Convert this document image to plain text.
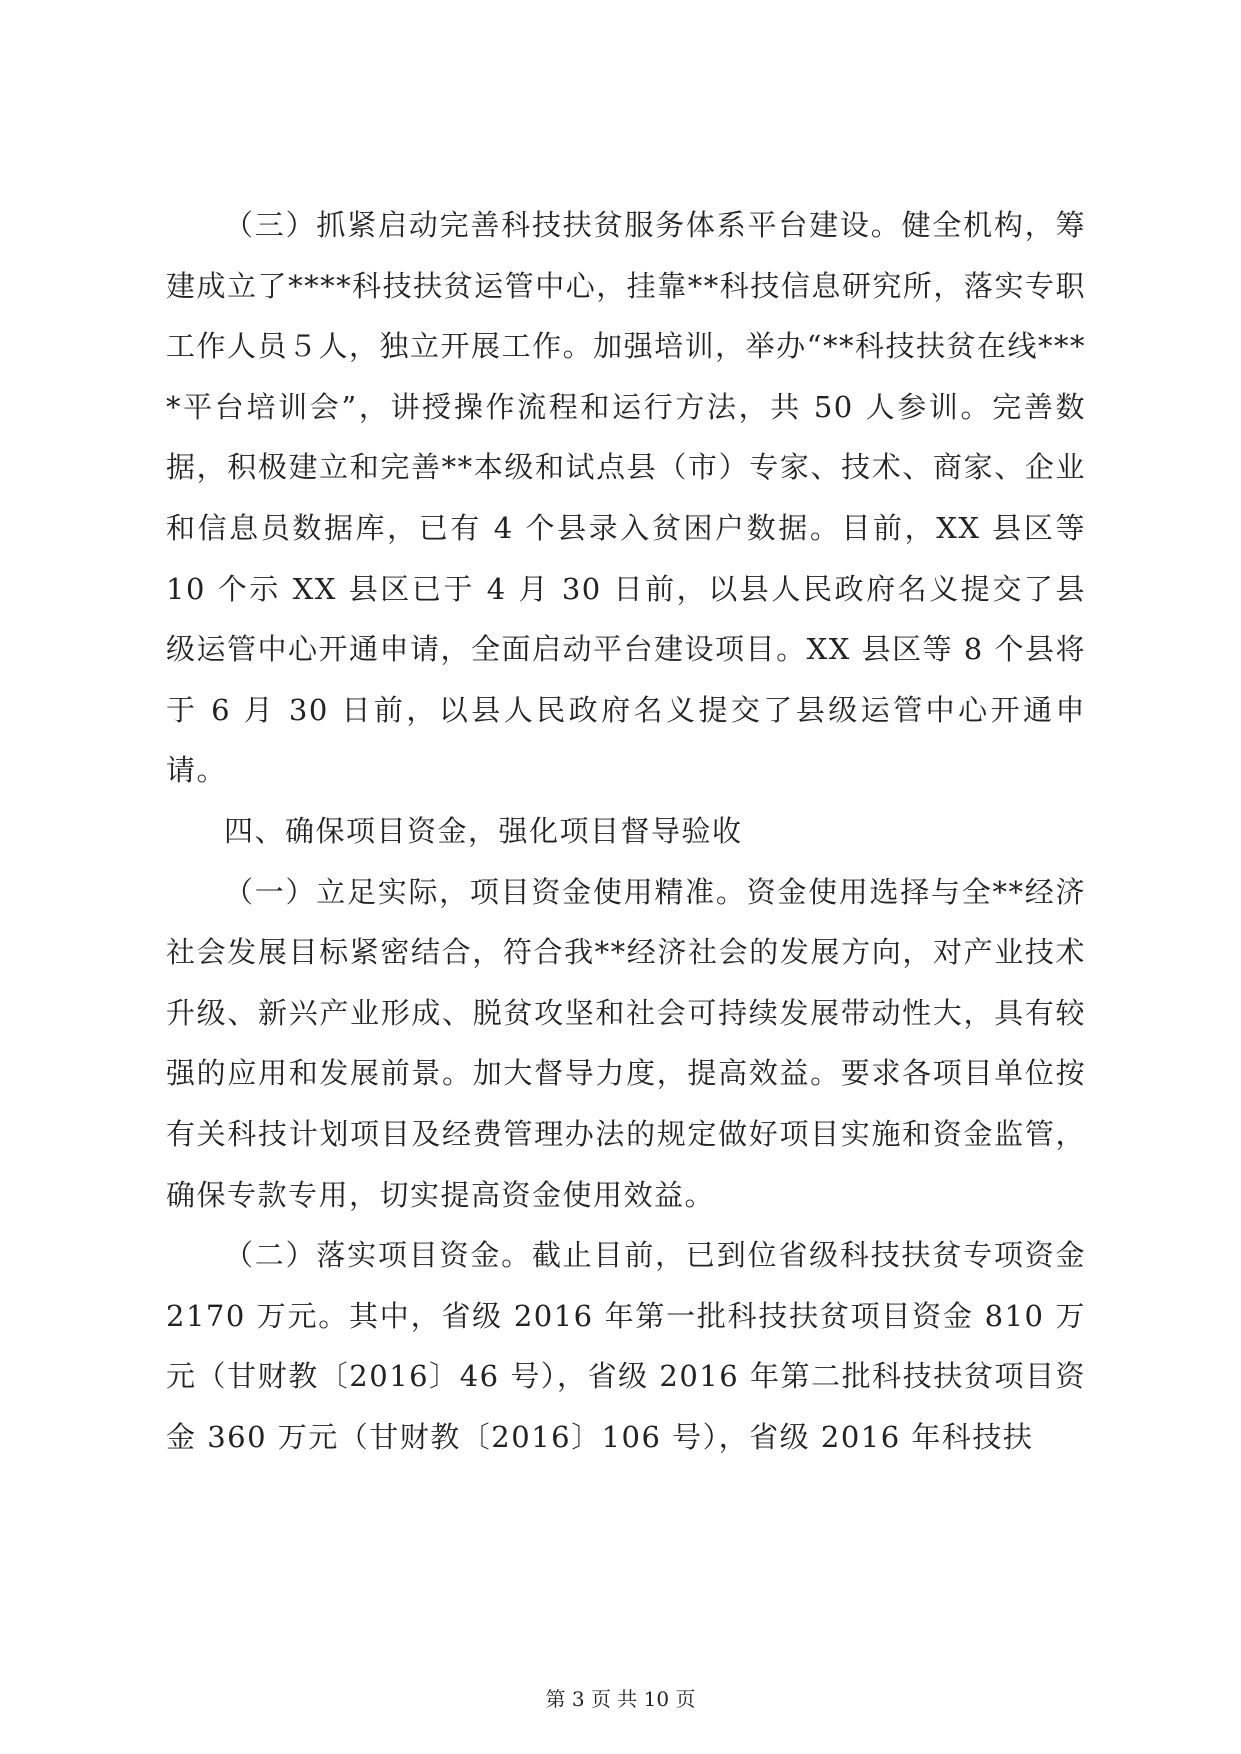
（三）抓紧启动完善科技扶贫服务体系平台建设。健全机构，筹建成立了****科技扶贫运管中心，挂靠**科技信息研究所，落实专职工作人员５人，独立开展工作。加强培训，举办“**科技扶贫在线****平台培训会”，讲授操作流程和运行方法，共 50 人参训。完善数据，积极建立和完善**本级和试点县（市）专家、技术、商家、企业和信息员数据库，已有 4 个县录入贫困户数据。目前，XX 县区等 10 个示 XX 县区已于 4 月 30 日前，以县人民政府名义提交了县级运管中心开通申请，全面启动平台建设项目。XX 县区等 8 个县将于 6 月 30 日前，以县人民政府名义提交了县级运管中心开通申请。

四、确保项目资金，强化项目督导验收

（一）立足实际，项目资金使用精准。资金使用选择与全**经济社会发展目标紧密结合，符合我**经济社会的发展方向，对产业技术升级、新兴产业形成、脱贫攻坚和社会可持续发展带动性大，具有较强的应用和发展前景。加大督导力度，提高效益。要求各项目单位按有关科技计划项目及经费管理办法的规定做好项目实施和资金监管，确保专款专用，切实提高资金使用效益。

（二）落实项目资金。截止目前，已到位省级科技扶贫专项资金 2170 万元。其中，省级 2016 年第一批科技扶贫项目资金 810 万元（甘财教〔2016〕46 号），省级 2016 年第二批科技扶贫项目资金 360 万元（甘财教〔2016〕106 号），省级 2016 年科技扶

第 3 页 共 10 页
